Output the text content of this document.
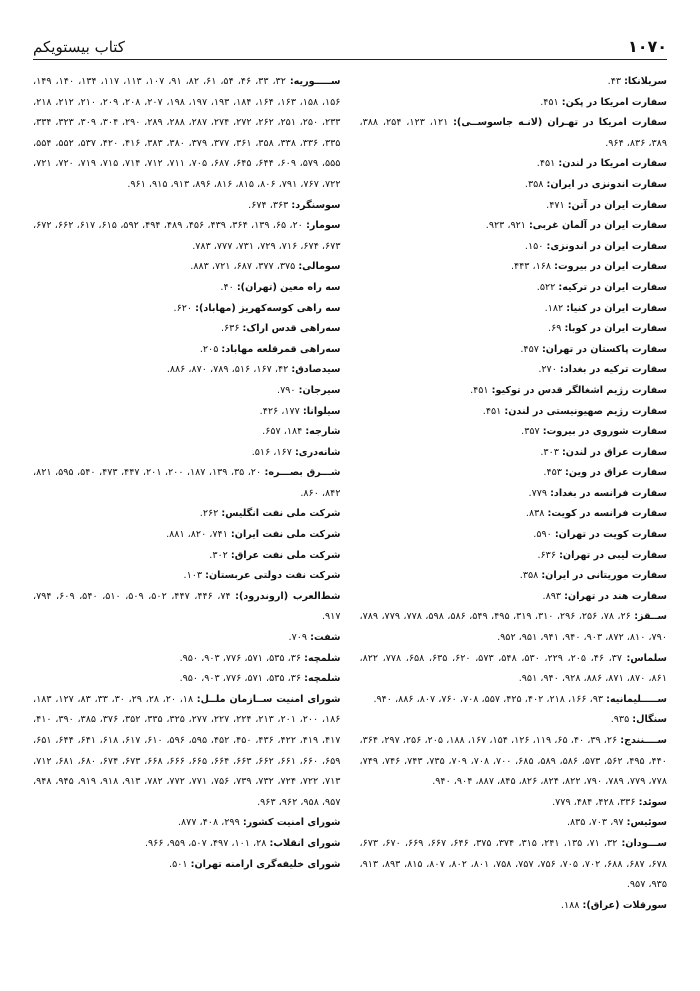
۱۰۷۰
کتاب بیستویکم
سریلانکا: ۴۳.
سفارت امریکا در پکن: ۴۵۱.
سفارت امریکا در تهـران (لانـه جاسوســی): ۱۲۱، ۱۲۳، ۲۵۴، ۳۸۸، ۳۸۹، ۸۳۶، ۹۶۴.
سفارت امریکا در لندن: ۴۵۱.
سفارت اندونزی در ایران: ۳۵۸.
سفارت ایران در آتن: ۴۷۱.
سفارت ایران در آلمان غربی: ۹۲۱، ۹۲۳.
سفارت ایران در اندونزی: ۱۵۰.
سفارت ایران در بیروت: ۱۶۸، ۴۴۳.
سفارت ایران در ترکیه: ۵۲۲.
سفارت ایران در کنیا: ۱۸۲.
سفارت ایران در کوبا: ۶۹.
سفارت پاکستان در تهران: ۴۵۷.
سفارت ترکیه در بغداد: ۲۷۰.
سفارت رژیم اشغالگر قدس در توکیو: ۴۵۱.
سفارت رژیم صهیونیستی در لندن: ۴۵۱.
سفارت شوروی در بیروت: ۳۵۷.
سفارت عراق در لندن: ۳۰۳.
سفارت عراق در وین: ۴۵۳.
سفارت فرانسه در بغداد: ۷۷۹.
سفارت فرانسه در کویت: ۸۳۸.
سفارت کویت در تهران: ۵۹۰.
سفارت لیبی در تهران: ۶۳۶.
سفارت موریتانی در ایران: ۳۵۸.
سفارت هند در تهران: ۸۹۳.
ســقز: ۲۶، ۷۸، ۲۵۶، ۲۹۶، ۳۱۰، ۳۱۹، ۴۹۵، ۵۴۹، ۵۸۶، ۵۹۸، ۷۷۸، ۷۷۹، ۷۸۹، ۷۹۰، ۸۱۰، ۸۷۲، ۹۰۳، ۹۴۰، ۹۴۱، ۹۵۱، ۹۵۲.
سلماس: ۳۷، ۴۶، ۲۰۵، ۲۲۹، ۵۳۰، ۵۴۸، ۵۷۳، ۶۲۰، ۶۳۵، ۶۵۸، ۷۷۸، ۸۲۲، ۸۶۱، ۸۷۰، ۸۷۱، ۸۸۶، ۹۲۸، ۹۴۰، ۹۵۱.
ســـــلیمانیه: ۹۳، ۱۶۶، ۲۱۸، ۴۰۲، ۴۲۵، ۵۵۷، ۷۰۸، ۷۶۰، ۸۰۷، ۸۸۶، ۹۴۰.
سنگال: ۹۳۵.
ســــنندج: ۲۶، ۳۹، ۴۰، ۶۵، ۱۱۹، ۱۲۶، ۱۵۴، ۱۶۷، ۱۸۸، ۲۰۵، ۲۵۶، ۲۹۷، ۳۶۴، ۴۴۰، ۴۹۵، ۵۶۲، ۵۷۳، ۵۸۶، ۵۸۹، ۶۸۵، ۷۰۰، ۷۰۸، ۷۰۹، ۷۳۵، ۷۴۳، ۷۴۶، ۷۴۹، ۷۷۸، ۷۷۹، ۷۸۹، ۷۹۰، ۸۲۲، ۸۲۴، ۸۲۶، ۸۴۵، ۸۸۷، ۹۰۴، ۹۴۰.
سوئد: ۳۳۶، ۴۲۸، ۴۸۴، ۷۷۹.
سوئیس: ۹۷، ۷۰۳، ۸۳۵.
ســـودان: ۳۲، ۷۱، ۱۳۵، ۲۴۱، ۳۱۵، ۳۷۴، ۳۷۵، ۶۴۶، ۶۶۷، ۶۶۹، ۶۷۰، ۶۷۳، ۶۷۸، ۶۸۷، ۶۸۸، ۷۰۲، ۷۰۵، ۷۵۶، ۷۵۷، ۷۵۸، ۸۰۱، ۸۰۲، ۸۰۷، ۸۱۵، ۸۹۳، ۹۱۳، ۹۳۵، ۹۵۷.
سورقلات (عراق): ۱۸۸.
ســـــوریه: ۳۲، ۳۳، ۴۶، ۵۴، ۶۱، ۸۲، ۹۱، ۱۰۷، ۱۱۳، ۱۱۷، ۱۳۴، ۱۴۰، ۱۴۹، ۱۵۶، ۱۵۸، ۱۶۳، ۱۶۴، ۱۸۴، ۱۹۳، ۱۹۷، ۱۹۸، ۲۰۷، ۲۰۸، ۲۰۹، ۲۱۰، ۲۱۲، ۲۱۸، ۲۳۳، ۲۵۰، ۲۵۱، ۲۶۲، ۲۷۲، ۲۷۴، ۲۸۷، ۲۸۸، ۲۸۹، ۲۹۰، ۳۰۴، ۳۰۹، ۳۲۳، ۳۳۴، ۳۳۵، ۳۳۶، ۳۳۸، ۳۵۸، ۳۶۱، ۳۷۷، ۳۷۹، ۳۸۰، ۳۸۳، ۴۱۶، ۴۲۰، ۵۳۷، ۵۵۲، ۵۵۴، ۵۵۵، ۵۷۹، ۶۰۹، ۶۴۴، ۶۴۵، ۶۸۷، ۷۰۵، ۷۱۱، ۷۱۲، ۷۱۴، ۷۱۵، ۷۱۹، ۷۲۰، ۷۲۱، ۷۲۲، ۷۶۷، ۷۹۱، ۸۰۶، ۸۱۵، ۸۱۶، ۸۹۶، ۹۱۳، ۹۱۵، ۹۶۱.
سوسنگرد: ۳۶۳، ۶۷۴.
سومار: ۲۰، ۶۵، ۱۳۹، ۳۶۴، ۴۳۹، ۴۵۶، ۴۸۹، ۴۹۴، ۵۹۲، ۶۱۵، ۶۱۷، ۶۶۲، ۶۷۲، ۶۷۳، ۶۷۴، ۷۱۶، ۷۲۹، ۷۳۱، ۷۷۷، ۷۸۳.
سومالی: ۳۷۵، ۳۷۷، ۶۸۷، ۷۲۱، ۸۸۳.
سه راه معین (تهران): ۴۰.
سه راهی کوسه‌کهریز (مهاباد): ۶۲۰.
سه‌راهی قدس اراک: ۶۳۶.
سه‌راهی قمرقلعه مهاباد: ۲۰۵.
سیدصادق: ۴۲، ۱۶۷، ۵۱۶، ۷۸۹، ۸۷۰، ۸۸۶.
سیرجان: ۷۹۰.
سیلوانا: ۱۷۷، ۴۲۶.
شارجه: ۱۸۴، ۶۵۷.
شانه‌دری: ۱۶۷، ۵۱۶.
شـــرق بصـــره: ۲۰، ۳۵، ۱۳۹، ۱۸۷، ۲۰۰، ۲۰۱، ۴۴۷، ۴۷۳، ۵۴۰، ۵۹۵، ۸۲۱، ۸۴۲، ۸۶۰.
شرکت ملی نفت انگلیس: ۲۶۲.
شرکت ملی نفت ایران: ۷۴۱، ۸۲۰، ۸۸۱.
شرکت ملی نفت عراق: ۳۰۲.
شرکت نفت دولتی عربستان: ۱۰۳.
شط‌العرب (اروندرود): ۷۴، ۴۴۶، ۴۴۷، ۵۰۲، ۵۰۹، ۵۱۰، ۵۴۰، ۶۰۹، ۷۹۴، ۹۱۷.
شفت: ۷۰۹.
شلمچه: ۳۶، ۵۳۵، ۵۷۱، ۷۷۶، ۹۰۳، ۹۵۰.
شلمچه: ۳۶، ۵۳۵، ۵۷۱، ۷۷۶، ۹۰۳، ۹۵۰.
شورای امنیت ســازمان ملــل: ۱۸، ۲۰، ۲۸، ۲۹، ۳۰، ۳۳، ۸۳، ۱۲۷، ۱۸۳، ۱۸۶، ۲۰۰، ۲۰۱، ۲۱۳، ۲۲۴، ۲۲۷، ۲۷۷، ۳۲۵، ۳۳۵، ۳۵۲، ۳۷۶، ۳۸۵، ۳۹۰، ۴۱۰، ۴۱۷، ۴۱۹، ۴۲۲، ۴۳۶، ۴۵۰، ۴۵۲، ۵۹۵، ۵۹۶، ۶۱۰، ۶۱۷، ۶۱۸، ۶۴۱، ۶۴۴، ۶۵۱، ۶۵۹، ۶۶۰، ۶۶۱، ۶۶۲، ۶۶۳، ۶۶۴، ۶۶۵، ۶۶۶، ۶۶۸، ۶۷۳، ۶۷۴، ۶۸۰، ۶۸۱، ۷۱۲، ۷۱۳، ۷۲۲، ۷۲۴، ۷۳۲، ۷۳۹، ۷۵۶، ۷۷۱، ۷۷۲، ۷۸۲، ۹۱۳، ۹۱۸، ۹۱۹، ۹۴۵، ۹۴۸، ۹۵۷، ۹۵۸، ۹۶۲، ۹۶۳.
شورای امنیت کشور: ۲۹۹، ۴۰۸، ۸۷۷.
شورای انقلاب: ۲۸، ۱۰۱، ۴۹۷، ۵۰۷، ۹۵۹، ۹۶۶.
شورای خلیفه‌گری ارامنه تهران: ۵۰۱.
